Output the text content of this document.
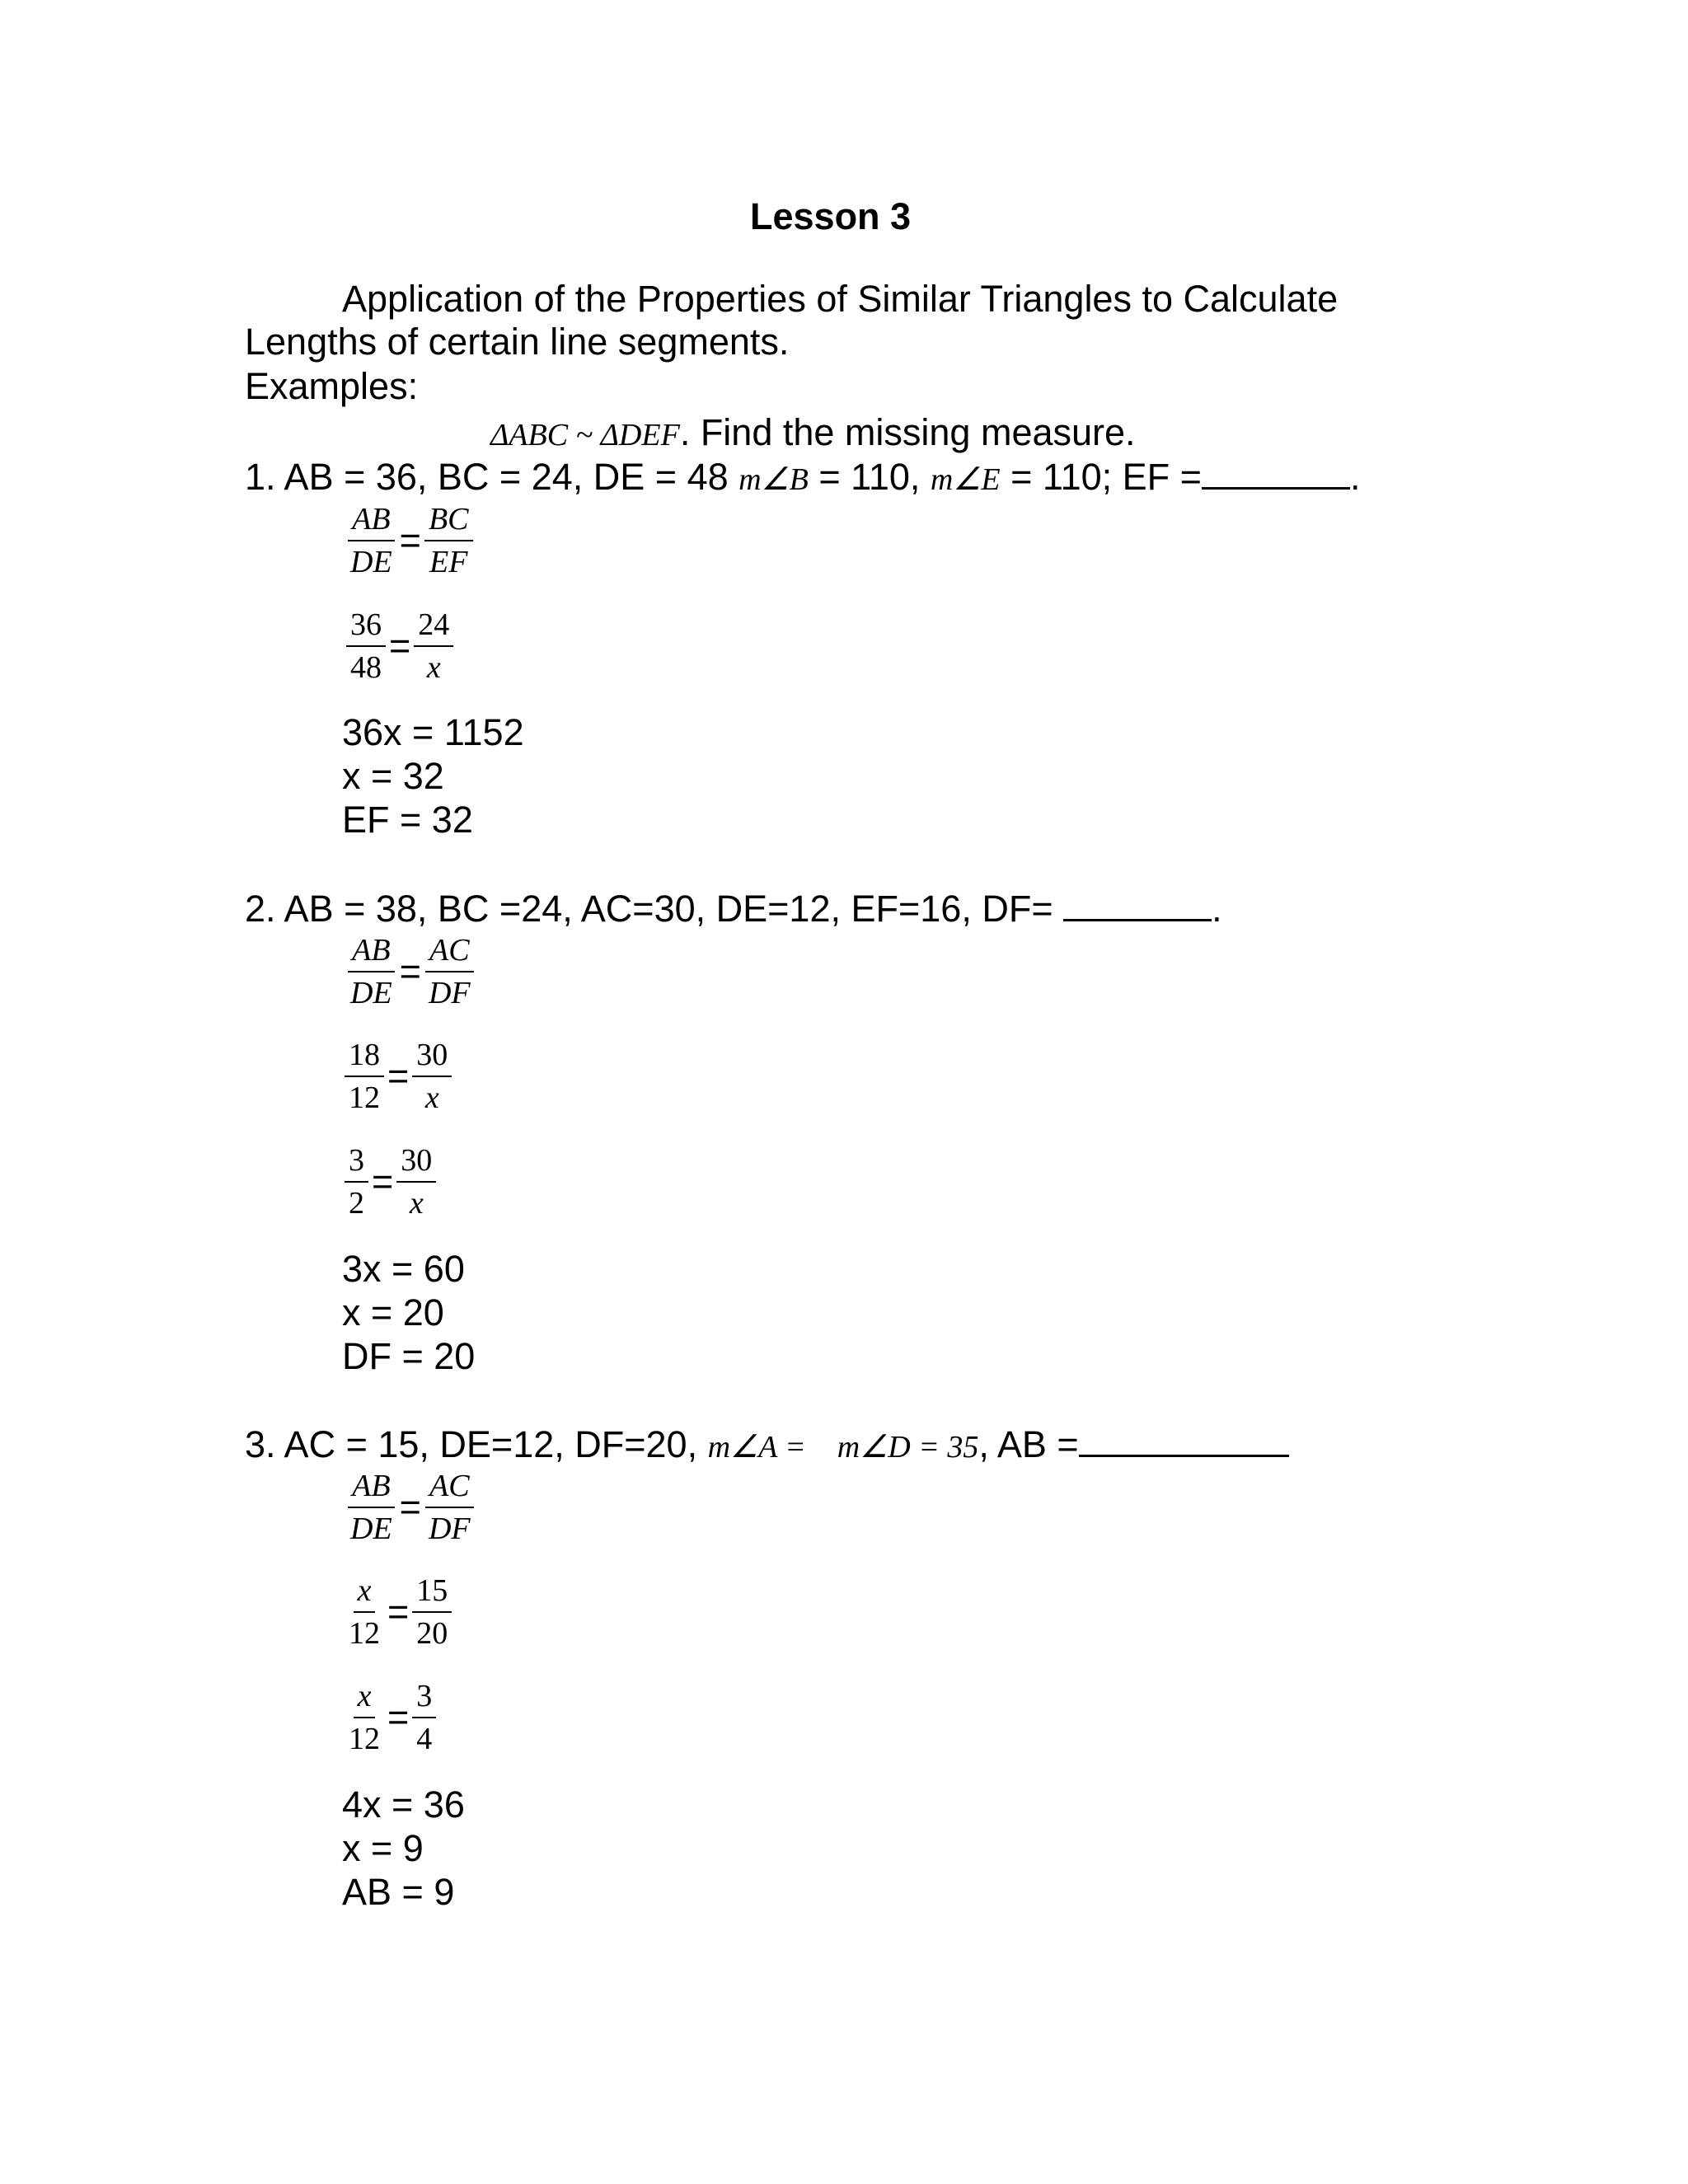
Lesson 3
Application of the Properties of Similar Triangles to Calculate
Lengths of certain line segments.
Examples:
ΔABC ~ ΔDEF. Find the missing measure.
1. AB = 36, BC = 24, DE = 48 m∠B = 110, m∠E = 110; EF =	.
$\frac{AB}{DE} = \frac{BC}{EF}$
$\frac{36}{48} = \frac{24}{x}$
36x = 1152
x = 32
EF = 32
2. AB = 38, BC =24, AC=30, DE=12, EF=16, DF=	.
$\frac{AB}{DE} = \frac{AC}{DF}$
$\frac{18}{12} = \frac{30}{x}$
$\frac{3}{2} = \frac{30}{x}$
3x = 60
x = 20
DF = 20
3. AC = 15, DE=12, DF=20, m∠A =    m∠D = 35, AB =
$\frac{AB}{DE} = \frac{AC}{DF}$
$\frac{x}{12} = \frac{15}{20}$
$\frac{x}{12} = \frac{3}{4}$
4x = 36
x = 9
AB = 9
